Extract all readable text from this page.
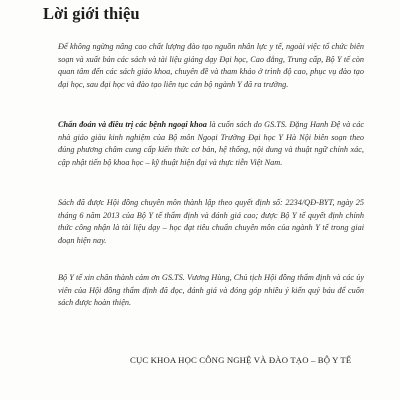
Lời giới thiệu

Để không ngừng nâng cao chất lượng đào tạo nguồn nhân lực y tế, ngoài việc tổ chức biên soạn và xuất bản các sách và tài liệu giảng dạy Đại học, Cao đẳng, Trung cấp, Bộ Y tế còn quan tâm đến các sách giáo khoa, chuyên đề và tham khảo ở trình độ cao, phục vụ đào tạo đại học, sau đại học và đào tạo liên tục cán bộ ngành Y đã ra trường.

Chẩn đoán và điều trị các bệnh ngoại khoa là cuốn sách do GS.TS. Đặng Hanh Đệ và các nhà giáo giàu kinh nghiệm của Bộ môn Ngoại Trường Đại học Y Hà Nội biên soạn theo đúng phương châm cung cấp kiến thức cơ bản, hệ thống, nội dung và thuật ngữ chính xác, cập nhật tiến bộ khoa học – kỹ thuật hiện đại và thực tiễn Việt Nam.

Sách đã được Hội đồng chuyên môn thành lập theo quyết định số: 2234/QĐ-BYT, ngày 25 tháng 6 năm 2013 của Bộ Y tế thẩm định và đánh giá cao; được Bộ Y tế quyết định chính thức công nhận là tài liệu dạy – học đạt tiêu chuẩn chuyên môn của ngành Y tế trong giai đoạn hiện nay.

Bộ Y tế xin chân thành cảm ơn GS.TS. Vương Hùng, Chủ tịch Hội đồng thẩm định và các ủy viên của Hội đồng thẩm định đã đọc, đánh giá và đóng góp nhiều ý kiến quý báu để cuốn sách được hoàn thiện.

CỤC KHOA HỌC CÔNG NGHỆ VÀ ĐÀO TẠO – BỘ Y TẾ
